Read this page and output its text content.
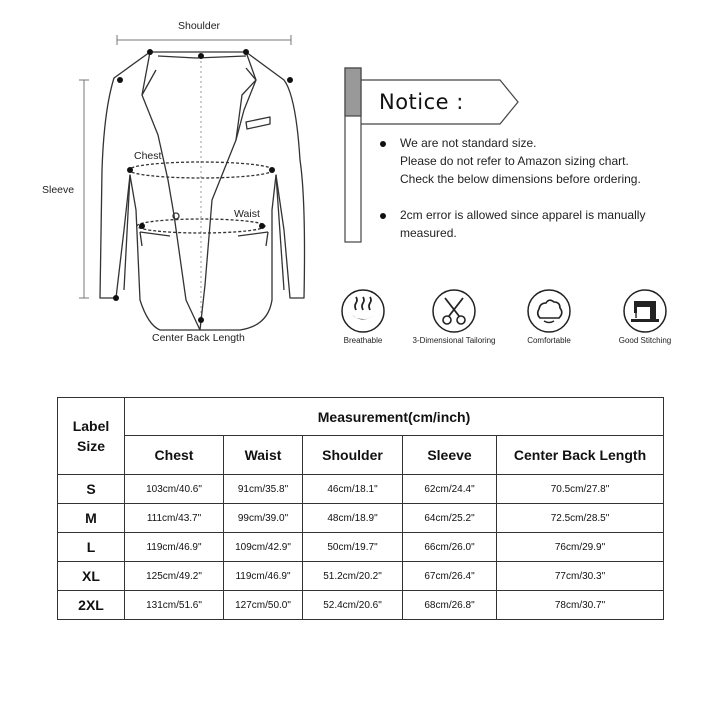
Shoulder
Chest
Sleeve
Waist
Center Back Length
Notice :
We are not standard size.
Please do not refer to Amazon sizing chart.
Check the below dimensions before ordering.
2cm error is allowed since apparel is manually
measured.
Breathable	3-Dimensional Tailoring	Comfortable	Good Stitching
Label
Size	Measurement(cm/inch)				
	Chest	Waist	Shoulder	Sleeve	Center Back Length
S	103cm/40.6"	91cm/35.8"	46cm/18.1"	62cm/24.4"	70.5cm/27.8"
M	111cm/43.7"	99cm/39.0"	48cm/18.9"	64cm/25.2"	72.5cm/28.5"
L	119cm/46.9"	109cm/42.9"	50cm/19.7"	66cm/26.0"	76cm/29.9"
XL	125cm/49.2"	119cm/46.9"	51.2cm/20.2"	67cm/26.4"	77cm/30.3"
2XL	131cm/51.6"	127cm/50.0"	52.4cm/20.6"	68cm/26.8"	78cm/30.7"
